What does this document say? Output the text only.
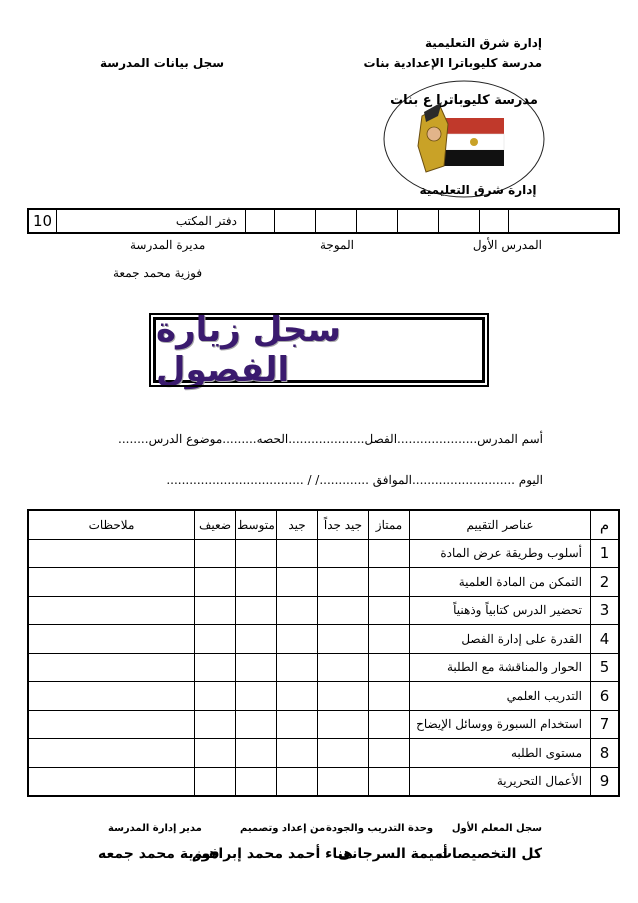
إدارة شرق التعليمية
مدرسة كليوباترا الإعدادية بنات
سجل بيانات المدرسة
مدرسة كليوباترا ع بنات
إدارة شرق التعليمية
10	دفتر المكتب								
المدرس الأول
الموجة
مديرة المدرسة
فوزية محمد جمعة
سجل زيارة الفصول
أسم المدرس.....................الفصل....................الحصه.........موضوع الدرس........
اليوم ...........................الموافق ............./ / ....................................
م	عناصر التقييم	ممتاز	جيد جداً	جيد	متوسط	ضعيف	ملاحظات
1	أسلوب وطريقة عرض المادة						
2	التمكن من المادة العلمية						
3	تحضير الدرس كتابياً وذهنياً						
4	القدرة على إدارة الفصل						
5	الحوار والمناقشة مع الطلبة						
6	التدريب العلمي						
7	استخدام السبورة ووسائل الإيضاح						
8	مستوى الطلبه						
9	الأعمال التحريرية						
سجل المعلم الأول
وحدة التدريب والجودة
من إعداد وتصميم
مدير إدارة المدرسة
كل التخصيصات
أميمة السرجانى
هناء أحمد محمد إبراهيم
فوزية محمد جمعه
